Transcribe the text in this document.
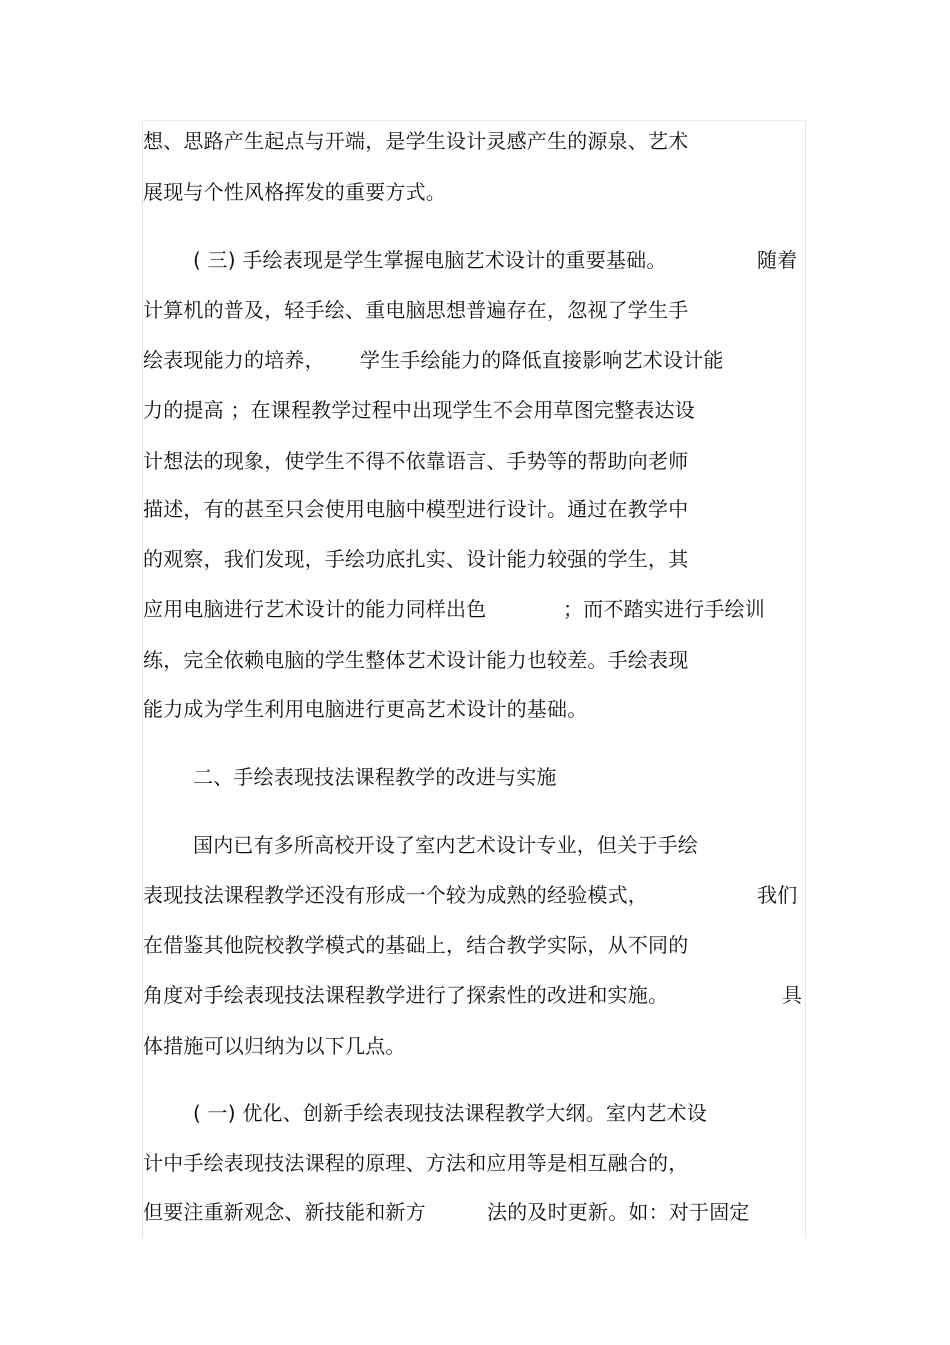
想、思路产生起点与开端，是学生设计灵感产生的源泉、艺术
展现与个性风格挥发的重要方式。
( 三) 手绘表现是学生掌握电脑艺术设计的重要基础。	随着
计算机的普及，轻手绘、重电脑思想普遍存在，忽视了学生手
绘表现能力的培养， 学生手绘能力的降低直接影响艺术设计能
力的提高 ；在课程教学过程中出现学生不会用草图完整表达设
计想法的现象，使学生不得不依靠语言、手势等的帮助向老师
描述，有的甚至只会使用电脑中模型进行设计。通过在教学中
的观察，我们发现，手绘功底扎实、设计能力较强的学生，其
应用电脑进行艺术设计的能力同样出色	；而不踏实进行手绘训
练，完全依赖电脑的学生整体艺术设计能力也较差。手绘表现
能力成为学生利用电脑进行更高艺术设计的基础。
二、手绘表现技法课程教学的改进与实施
国内已有多所高校开设了室内艺术设计专业，但关于手绘
表现技法课程教学还没有形成一个较为成熟的经验模式，	我们
在借鉴其他院校教学模式的基础上，结合教学实际，从不同的
角度对手绘表现技法课程教学进行了探索性的改进和实施。	具
体措施可以归纳为以下几点。
( 一) 优化、创新手绘表现技法课程教学大纲。室内艺术设
计中手绘表现技法课程的原理、方法和应用等是相互融合的，
但要注重新观念、新技能和新方	法的及时更新。如：对于固定
